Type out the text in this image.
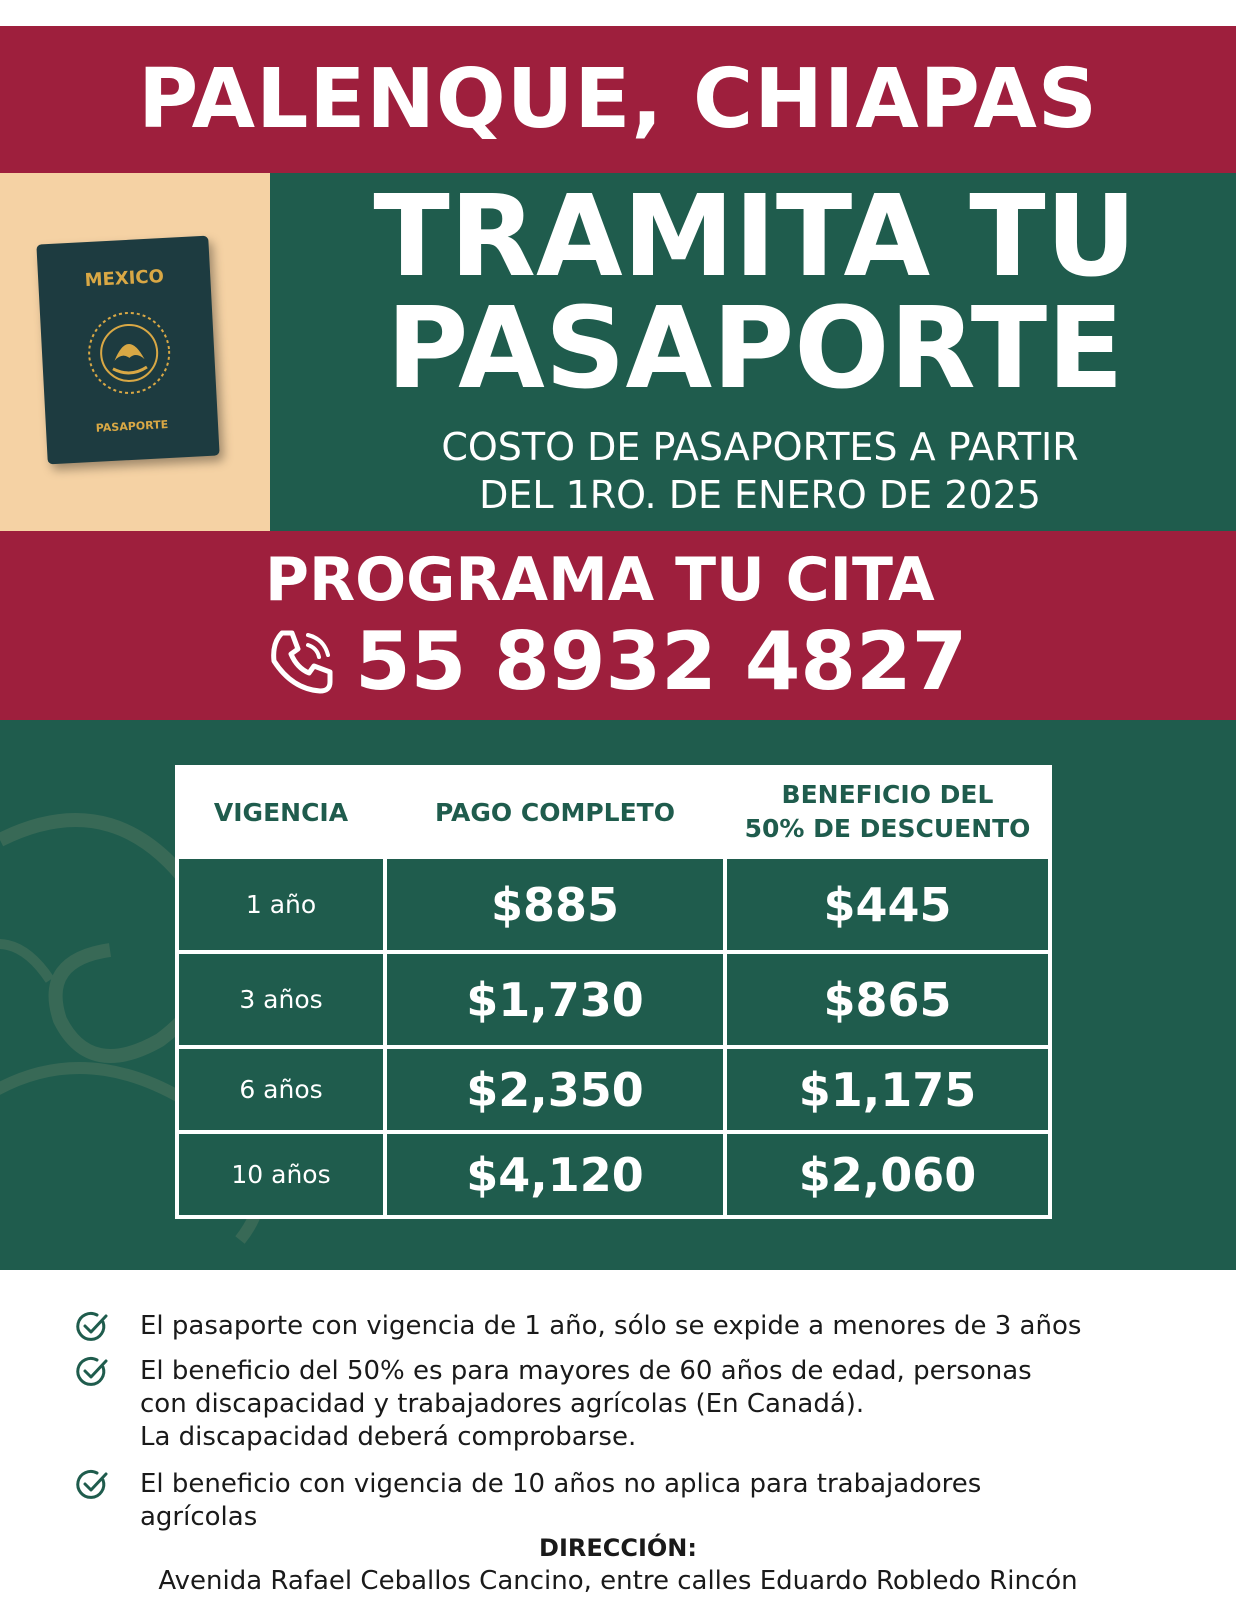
PALENQUE, CHIAPAS
MEXICO
PASAPORTE
TRAMITA TU
PASAPORTE
COSTO DE PASAPORTES A PARTIR
DEL 1RO. DE ENERO DE 2025
PROGRAMA TU CITA
55 8932 4827
VIGENCIA	PAGO COMPLETO	BENEFICIO DEL
50% DE DESCUENTO

1 año	$885	$445
3 años	$1,730	$865
6 años	$2,350	$1,175
10 años	$4,120	$2,060
El pasaporte con vigencia de 1 año, sólo se expide a menores de 3 años
El beneficio del 50% es para mayores de 60 años de edad, personas
con discapacidad y trabajadores agrícolas (En Canadá).
La discapacidad deberá comprobarse.
El beneficio con vigencia de 10 años no aplica para trabajadores
agrícolas
DIRECCIÓN:
Avenida Rafael Ceballos Cancino, entre calles Eduardo Robledo Rincón
